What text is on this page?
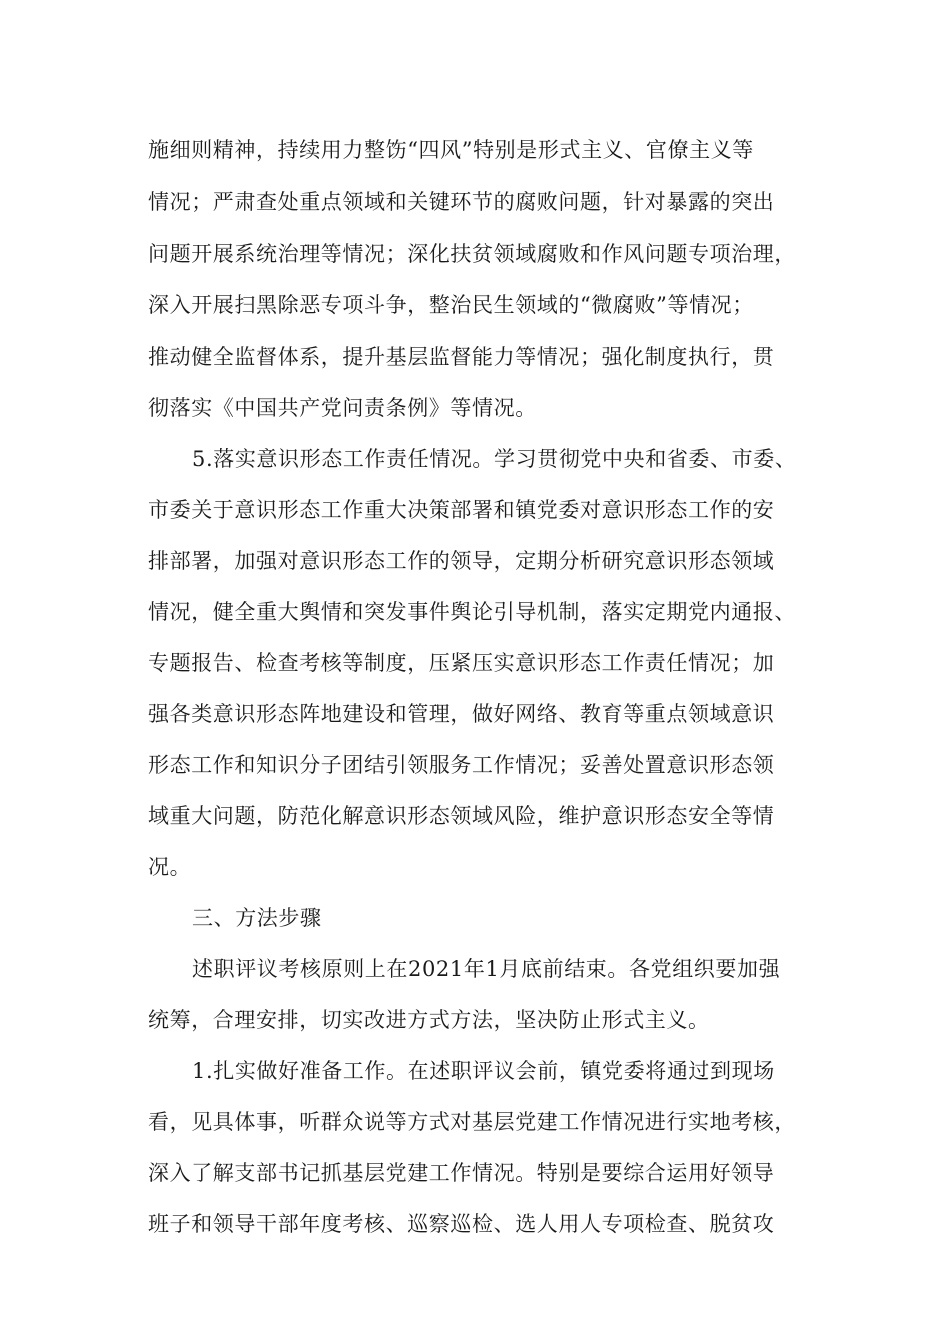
施细则精神，持续用力整饬“四风”特别是形式主义、官僚主义等
情况；严肃查处重点领域和关键环节的腐败问题，针对暴露的突出
问题开展系统治理等情况；深化扶贫领域腐败和作风问题专项治理，
深入开展扫黑除恶专项斗争，整治民生领域的“微腐败”等情况；
推动健全监督体系，提升基层监督能力等情况；强化制度执行，贯
彻落实《中国共产党问责条例》等情况。
5.落实意识形态工作责任情况。学习贯彻党中央和省委、市委、
市委关于意识形态工作重大决策部署和镇党委对意识形态工作的安
排部署，加强对意识形态工作的领导，定期分析研究意识形态领域
情况，健全重大舆情和突发事件舆论引导机制，落实定期党内通报、
专题报告、检查考核等制度，压紧压实意识形态工作责任情况；加
强各类意识形态阵地建设和管理，做好网络、教育等重点领域意识
形态工作和知识分子团结引领服务工作情况；妥善处置意识形态领
域重大问题，防范化解意识形态领域风险，维护意识形态安全等情
况。
三、方法步骤
述职评议考核原则上在2021年1月底前结束。各党组织要加强
统筹，合理安排，切实改进方式方法，坚决防止形式主义。
1.扎实做好准备工作。在述职评议会前，镇党委将通过到现场
看，见具体事，听群众说等方式对基层党建工作情况进行实地考核，
深入了解支部书记抓基层党建工作情况。特别是要综合运用好领导
班子和领导干部年度考核、巡察巡检、选人用人专项检查、脱贫攻
